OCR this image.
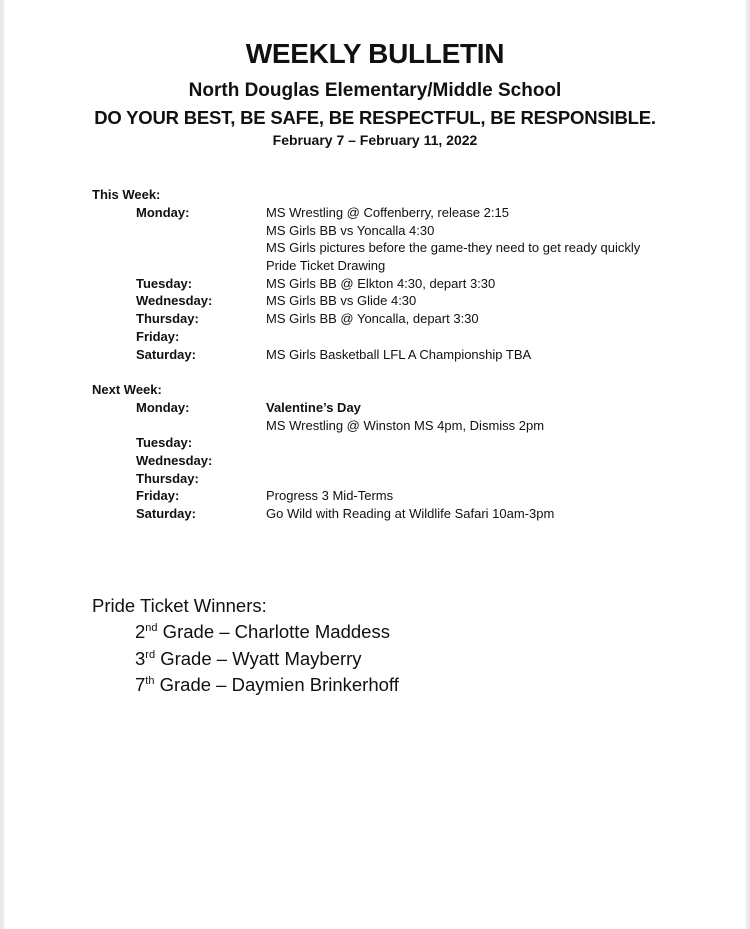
WEEKLY BULLETIN
North Douglas Elementary/Middle School
DO YOUR BEST, BE SAFE, BE RESPECTFUL, BE RESPONSIBLE.
February 7 – February 11, 2022
This Week:
Monday:	MS Wrestling @ Coffenberry, release 2:15
MS Girls BB vs Yoncalla 4:30
MS Girls pictures before the game-they need to get ready quickly
Pride Ticket Drawing
Tuesday:	MS Girls BB @ Elkton 4:30, depart 3:30
Wednesday:	MS Girls BB vs Glide 4:30
Thursday:	MS Girls BB @ Yoncalla, depart 3:30
Friday:
Saturday:	MS Girls Basketball LFL A Championship TBA
Next Week:
Monday:	Valentine’s Day
MS Wrestling @ Winston MS 4pm, Dismiss 2pm
Tuesday:
Wednesday:
Thursday:
Friday:	Progress 3 Mid-Terms
Saturday:	Go Wild with Reading at Wildlife Safari 10am-3pm
Pride Ticket Winners:
2nd Grade – Charlotte Maddess
3rd Grade – Wyatt Mayberry
7th Grade – Daymien Brinkerhoff
